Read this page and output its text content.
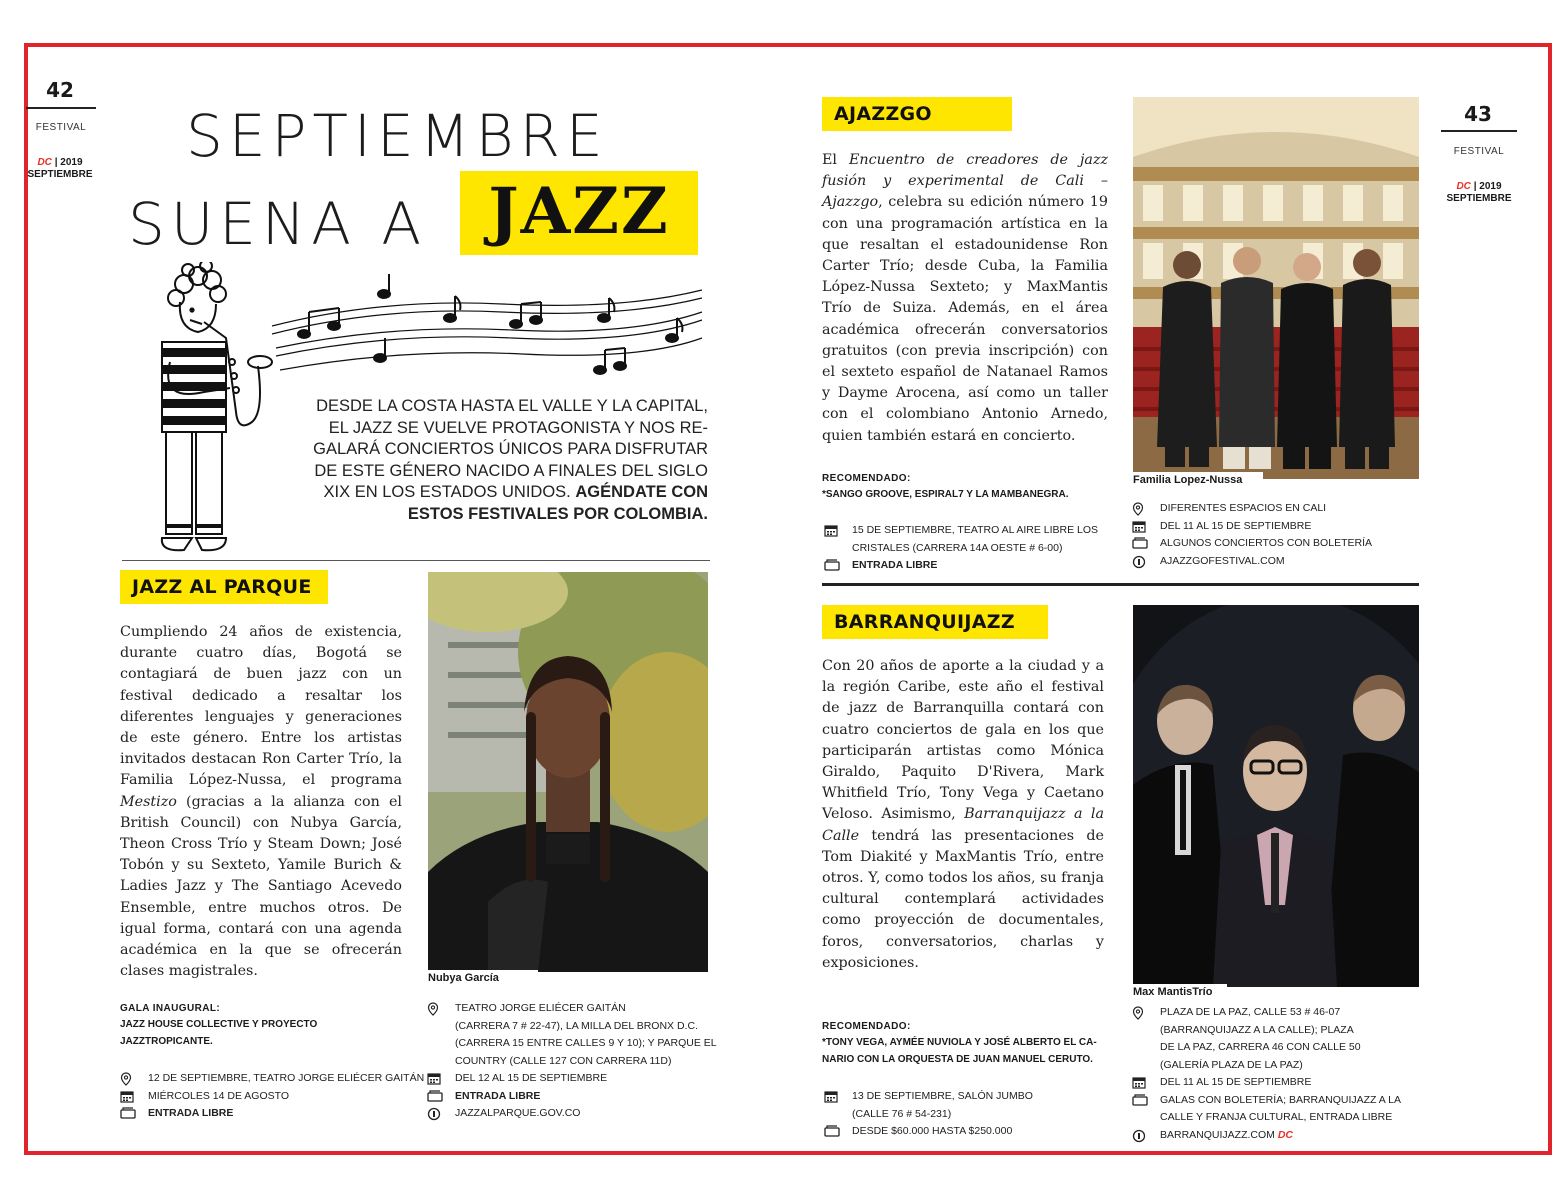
42
FESTIVAL
DC | 2019
SEPTIEMBRE
43
FESTIVAL
DC | 2019
SEPTIEMBRE
SEPTIEMBRE
SUENA A JAZZ
DESDE LA COSTA HASTA EL VALLE Y LA CAPITAL,
EL JAZZ SE VUELVE PROTAGONISTA Y NOS RE-
GALARÁ CONCIERTOS ÚNICOS PARA DISFRUTAR
DE ESTE GÉNERO NACIDO A FINALES DEL SIGLO
XIX EN LOS ESTADOS UNIDOS. AGÉNDATE CON
ESTOS FESTIVALES POR COLOMBIA.
JAZZ AL PARQUE
Cumpliendo 24 años de existencia, durante cuatro días, Bogotá se contagiará de buen jazz con un festival dedicado a resaltar los diferentes lenguajes y generaciones de este género. Entre los artistas invitados destacan Ron Carter Trío, la Familia López-Nussa, el programa Mestizo (gracias a la alianza con el British Council) con Nubya García, Theon Cross Trío y Steam Down; José Tobón y su Sexteto, Yamile Burich & Ladies Jazz y The Santiago Acevedo Ensemble, entre muchos otros. De igual forma, contará con una agenda académica en la que se ofrecerán clases magistrales.	Nubya García
GALA INAUGURAL:
JAZZ HOUSE COLLECTIVE Y PROYECTO
JAZZTROPICANTE.
12 DE SEPTIEMBRE, TEATRO JORGE ELIÉCER GAITÁN
MIÉRCOLES 14 DE AGOSTO
ENTRADA LIBRE
TEATRO JORGE ELIÉCER GAITÁN
(CARRERA 7 # 22-47), LA MILLA DEL BRONX D.C.
(CARRERA 15 ENTRE CALLES 9 Y 10); Y PARQUE EL
COUNTRY (CALLE 127 CON CARRERA 11D)
DEL 12 AL 15 DE SEPTIEMBRE
ENTRADA LIBRE
JAZZALPARQUE.GOV.CO
AJAZZGO
El Encuentro de creadores de jazz fusión y experimental de Cali – Ajazzgo, celebra su edición número 19 con una programación artística en la que resaltan el estadounidense Ron Carter Trío; desde Cuba, la Familia López-Nussa Sexteto; y MaxMantis Trío de Suiza. Además, en el área académica ofrecerán conversatorios gratuitos (con previa inscripción) con el sexteto español de Natanael Ramos y Dayme Arocena, así como un taller con el colombiano Antonio Arnedo, quien también estará en concierto.
Familia Lopez-Nussa
RECOMENDADO:
*SANGO GROOVE, ESPIRAL7 Y LA MAMBANEGRA.
15 DE SEPTIEMBRE, TEATRO AL AIRE LIBRE LOS
CRISTALES (CARRERA 14A OESTE # 6-00)
ENTRADA LIBRE
DIFERENTES ESPACIOS EN CALI
DEL 11 AL 15 DE SEPTIEMBRE
ALGUNOS CONCIERTOS CON BOLETERÍA
AJAZZGOFESTIVAL.COM
BARRANQUIJAZZ
Con 20 años de aporte a la ciudad y a la región Caribe, este año el festival de jazz de Barranquilla contará con cuatro conciertos de gala en los que participarán artistas como Mónica Giraldo, Paquito D'Rivera, Mark Whitfield Trío, Tony Vega y Caetano Veloso. Asimismo, Barranquijazz a la Calle tendrá las presentaciones de Tom Diakité y MaxMantis Trío, entre otros. Y, como todos los años, su franja cultural contemplará actividades como proyección de documentales, foros, conversatorios, charlas y exposiciones.
Max MantisTrío
RECOMENDADO:
*TONY VEGA, AYMÉE NUVIOLA Y JOSÉ ALBERTO EL CA-
NARIO CON LA ORQUESTA DE JUAN MANUEL CERUTO.
13 DE SEPTIEMBRE, SALÓN JUMBO
(CALLE 76 # 54-231)
DESDE $60.000 HASTA $250.000
PLAZA DE LA PAZ, CALLE 53 # 46-07
(BARRANQUIJAZZ A LA CALLE); PLAZA
DE LA PAZ, CARRERA 46 CON CALLE 50
(GALERÍA PLAZA DE LA PAZ)
DEL 11 AL 15 DE SEPTIEMBRE
GALAS CON BOLETERÍA; BARRANQUIJAZZ A LA
CALLE Y FRANJA CULTURAL, ENTRADA LIBRE
BARRANQUIJAZZ.COM DC
